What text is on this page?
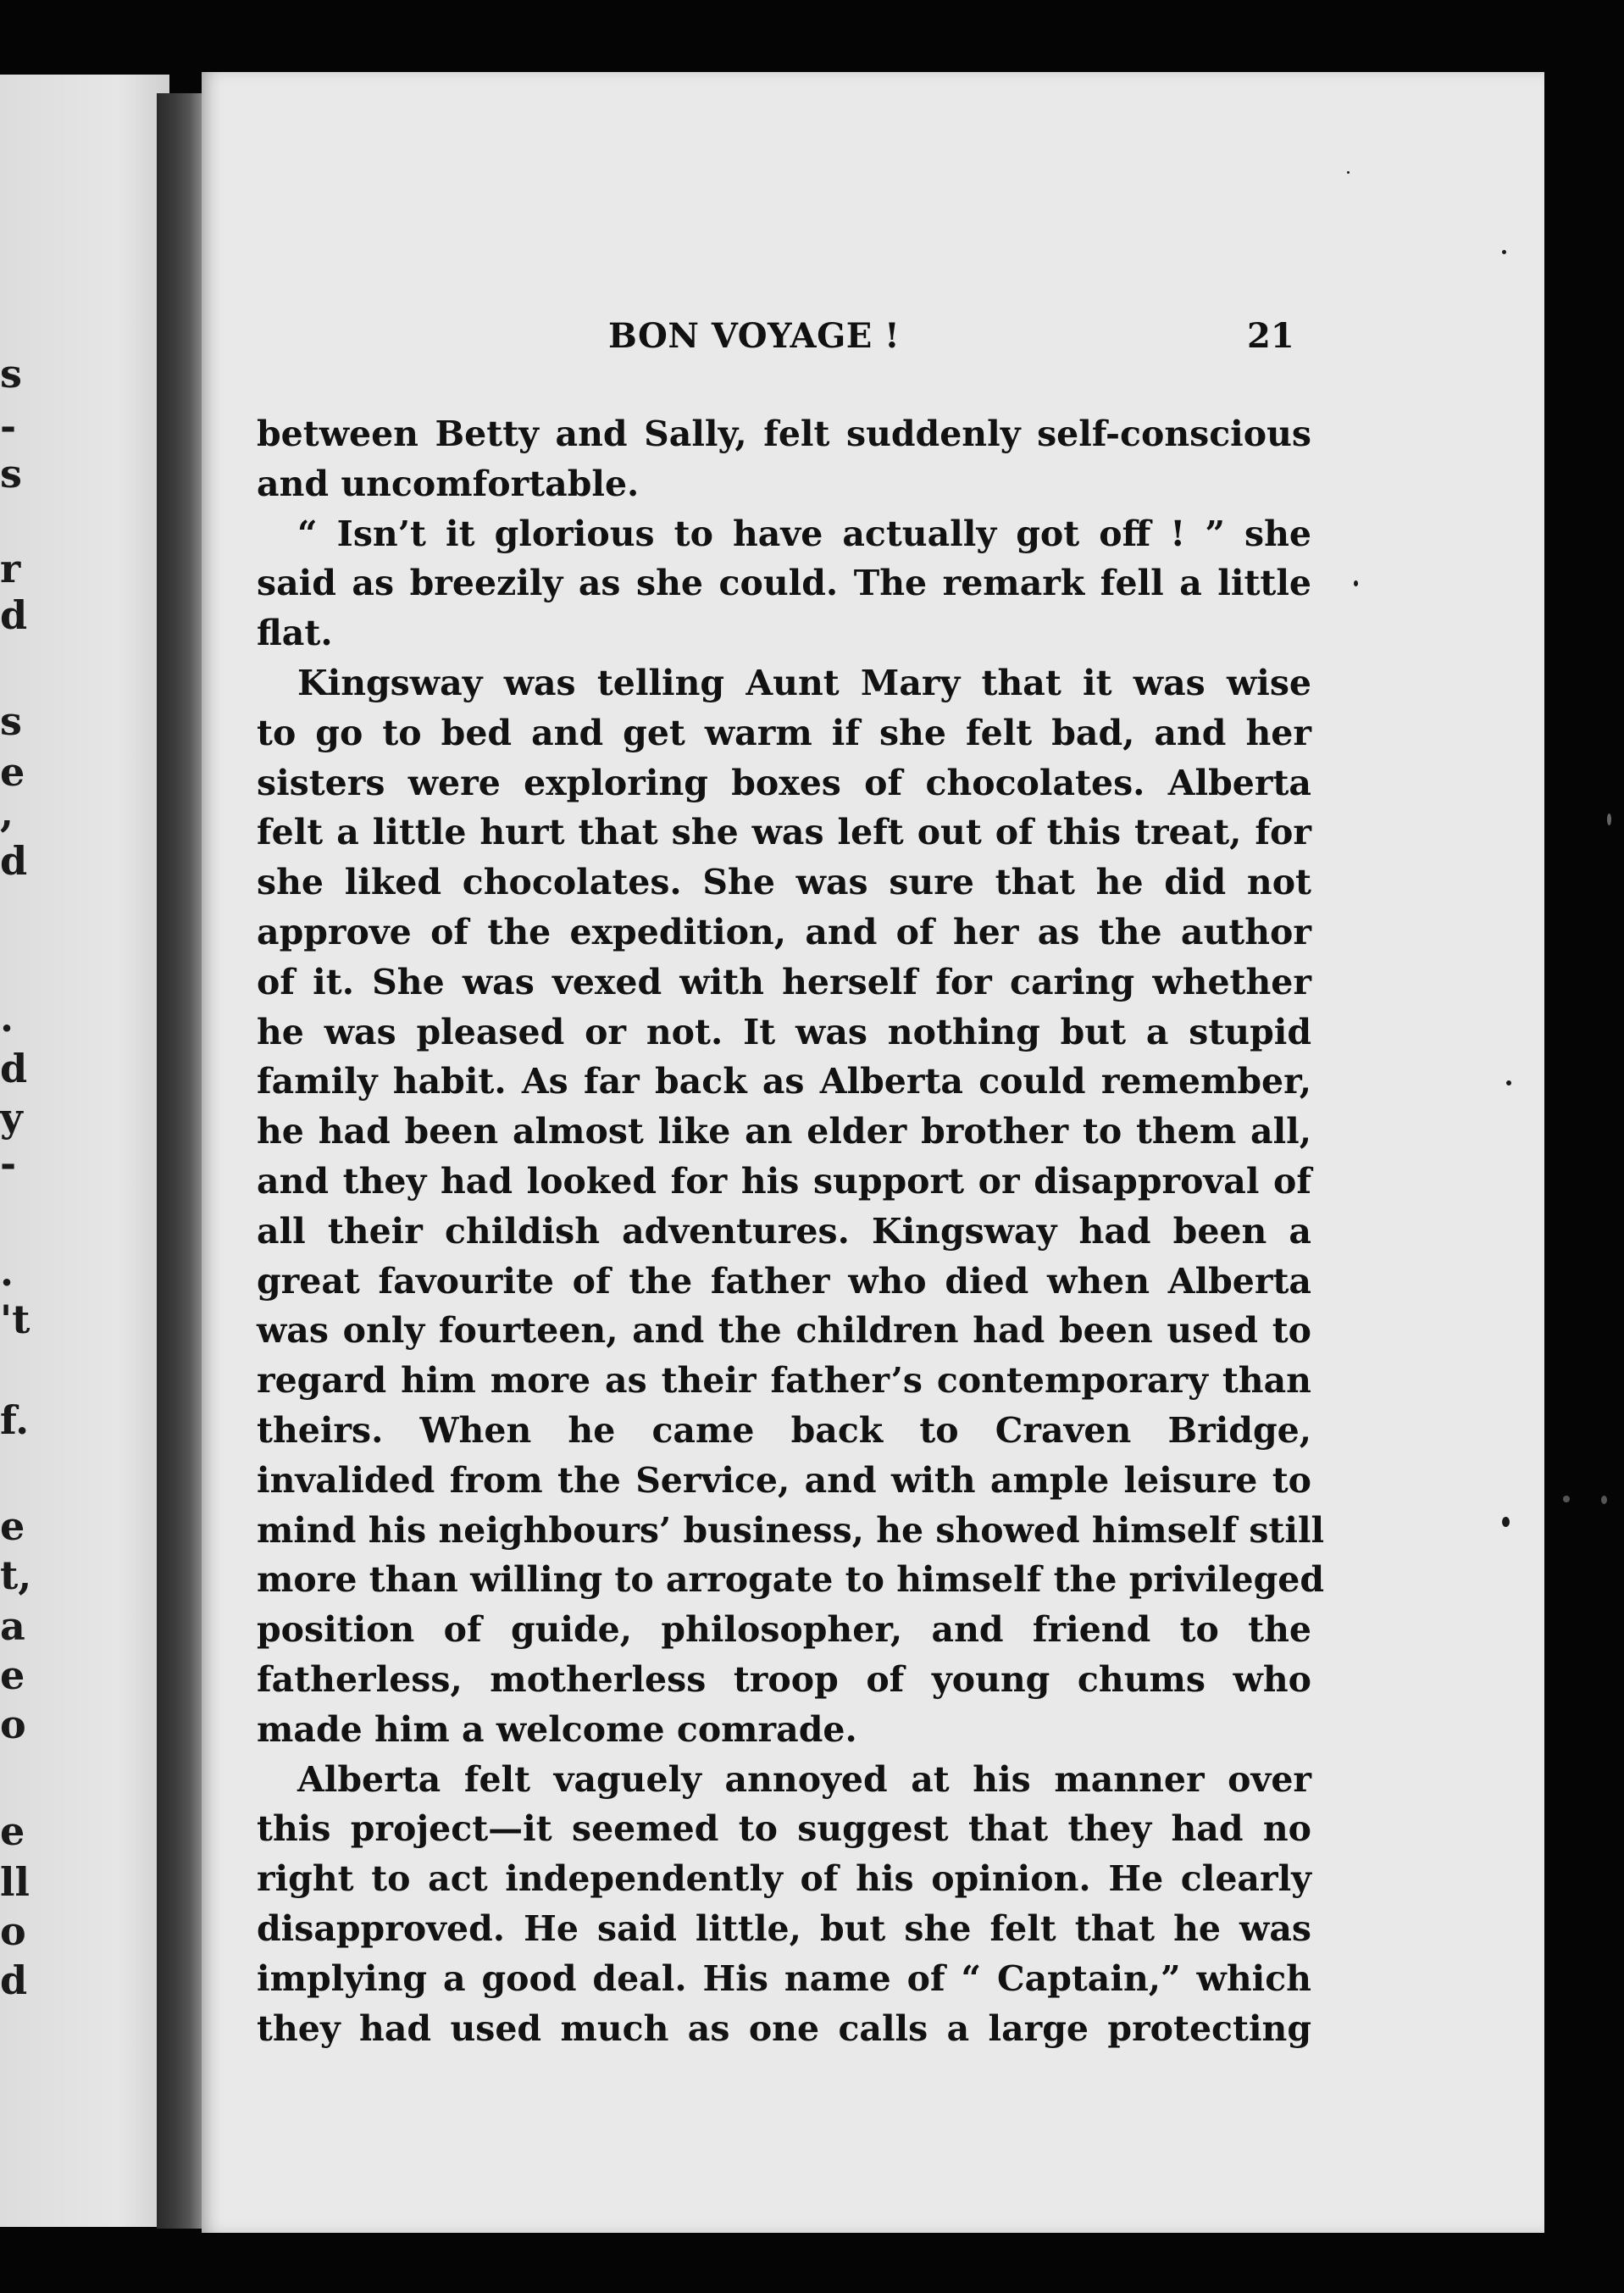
s
-
s
r
d
s
e
,
d
.
d
y
-
.
't
f.
e
t,
a
e
o
e
ll
o
d
BON VOYAGE !	21
between Betty and Sally, felt suddenly self-conscious
and uncomfortable.
“ Isn’t it glorious to have actually got off ! ” she
said as breezily as she could. The remark fell a little
flat.
Kingsway was telling Aunt Mary that it was wise
to go to bed and get warm if she felt bad, and her
sisters were exploring boxes of chocolates. Alberta
felt a little hurt that she was left out of this treat, for
she liked chocolates. She was sure that he did not
approve of the expedition, and of her as the author
of it. She was vexed with herself for caring whether
he was pleased or not. It was nothing but a stupid
family habit. As far back as Alberta could remember,
he had been almost like an elder brother to them all,
and they had looked for his support or disapproval of
all their childish adventures. Kingsway had been a
great favourite of the father who died when Alberta
was only fourteen, and the children had been used to
regard him more as their father’s contemporary than
theirs. When he came back to Craven Bridge,
invalided from the Service, and with ample leisure to
mind his neighbours’ business, he showed himself still
more than willing to arrogate to himself the privileged
position of guide, philosopher, and friend to the
fatherless, motherless troop of young chums who
made him a welcome comrade.
Alberta felt vaguely annoyed at his manner over
this project—it seemed to suggest that they had no
right to act independently of his opinion. He clearly
disapproved. He said little, but she felt that he was
implying a good deal. His name of “ Captain,” which
they had used much as one calls a large protecting
